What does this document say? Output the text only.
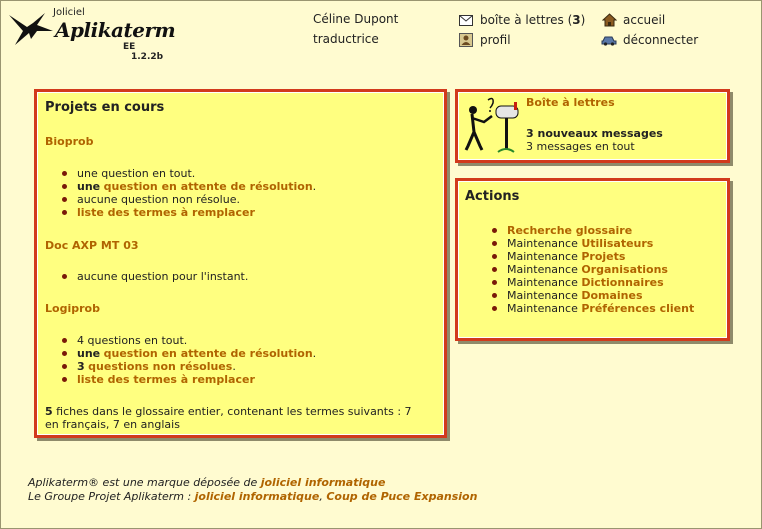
Joliciel
Aplikaterm
EE
1.2.2b
Céline Dupont
traductrice
boîte à lettres (3)
profil
accueil
déconnecter
Projets en cours
Bioprob
une question en tout.
une question en attente de résolution.
aucune question non résolue.
liste des termes à remplacer
Doc AXP MT 03
aucune question pour l'instant.
Logiprob
4 questions en tout.
une question en attente de résolution.
3 questions non résolues.
liste des termes à remplacer
5 fiches dans le glossaire entier, contenant les termes suivants : 7 en français, 7 en anglais
Boîte à lettres
3 nouveaux messages
3 messages en tout
Actions
Recherche glossaire
Maintenance Utilisateurs
Maintenance Projets
Maintenance Organisations
Maintenance Dictionnaires
Maintenance Domaines
Maintenance Préférences client
Aplikaterm® est une marque déposée de joliciel informatique
Le Groupe Projet Aplikaterm : joliciel informatique, Coup de Puce Expansion
